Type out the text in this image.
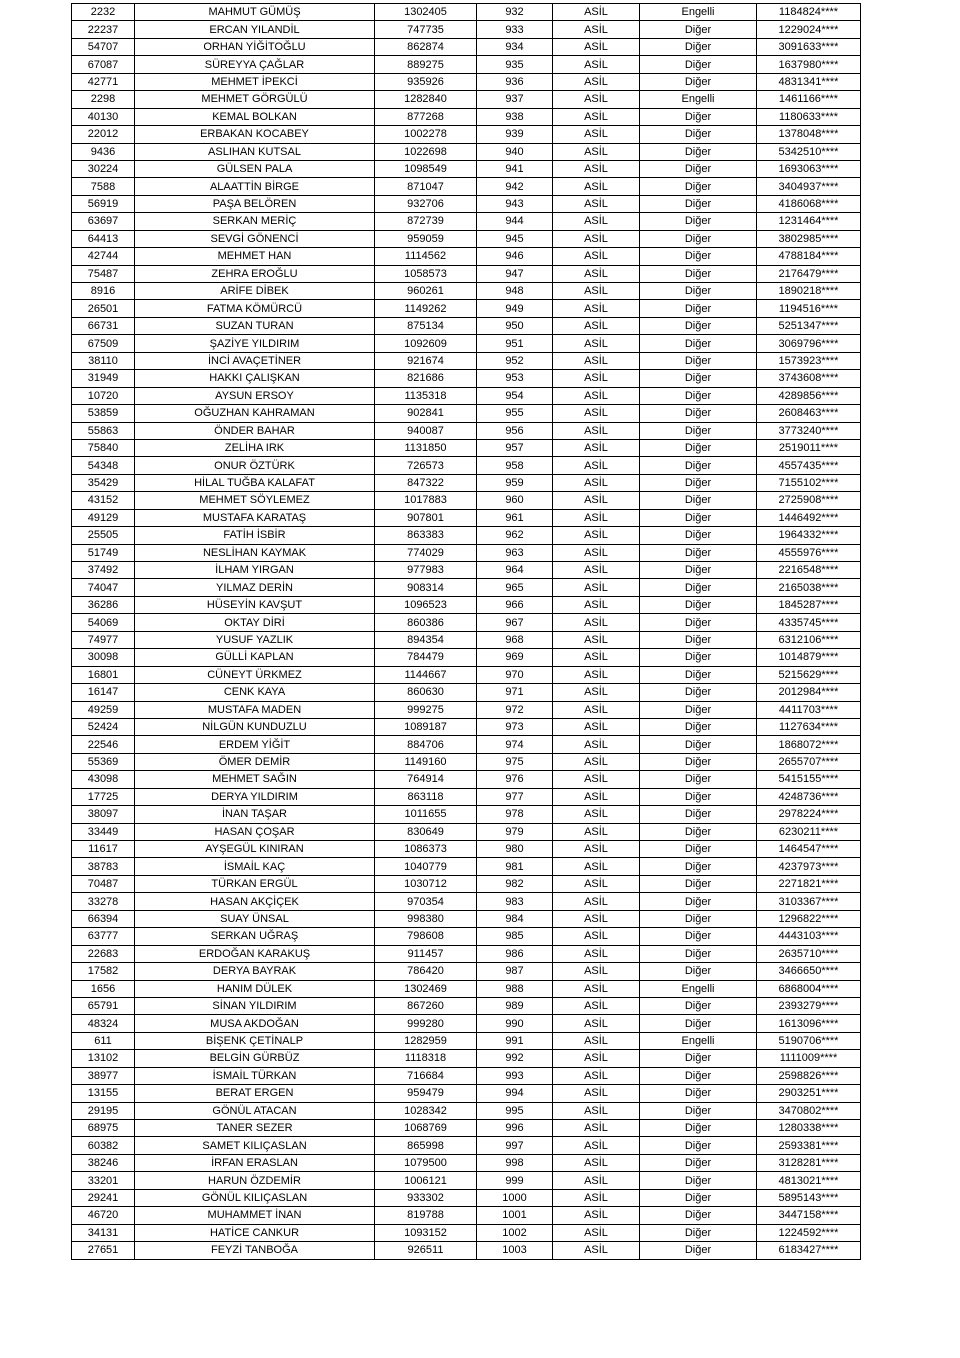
2232	MAHMUT GÜMÜŞ	1302405	932	ASİL	Engelli	1184824****
22237	ERCAN YILANDİL	747735	933	ASİL	Diğer	1229024****
54707	ORHAN YİĞİTOĞLU	862874	934	ASİL	Diğer	3091633****
67087	SÜREYYA ÇAĞLAR	889275	935	ASİL	Diğer	1637980****
42771	MEHMET İPEKCİ	935926	936	ASİL	Diğer	4831341****
2298	MEHMET GÖRGÜLÜ	1282840	937	ASİL	Engelli	1461166****
40130	KEMAL BOLKAN	877268	938	ASİL	Diğer	1180633****
22012	ERBAKAN KOCABEY	1002278	939	ASİL	Diğer	1378048****
9436	ASLIHAN KUTSAL	1022698	940	ASİL	Diğer	5342510****
30224	GÜLSEN PALA	1098549	941	ASİL	Diğer	1693063****
7588	ALAATTİN BİRGE	871047	942	ASİL	Diğer	3404937****
56919	PAŞA BELÖREN	932706	943	ASİL	Diğer	4186068****
63697	SERKAN MERİÇ	872739	944	ASİL	Diğer	1231464****
64413	SEVGİ GÖNENCİ	959059	945	ASİL	Diğer	3802985****
42744	MEHMET HAN	1114562	946	ASİL	Diğer	4788184****
75487	ZEHRA EROĞLU	1058573	947	ASİL	Diğer	2176479****
8916	ARİFE DİBEK	960261	948	ASİL	Diğer	1890218****
26501	FATMA KÖMÜRCÜ	1149262	949	ASİL	Diğer	1194516****
66731	SUZAN TURAN	875134	950	ASİL	Diğer	5251347****
67509	ŞAZİYE YILDIRIM	1092609	951	ASİL	Diğer	3069796****
38110	İNCİ AVAÇETİNER	921674	952	ASİL	Diğer	1573923****
31949	HAKKI ÇALIŞKAN	821686	953	ASİL	Diğer	3743608****
10720	AYSUN ERSOY	1135318	954	ASİL	Diğer	4289856****
53859	OĞUZHAN KAHRAMAN	902841	955	ASİL	Diğer	2608463****
55863	ÖNDER BAHAR	940087	956	ASİL	Diğer	3773240****
75840	ZELİHA IRK	1131850	957	ASİL	Diğer	2519011****
54348	ONUR ÖZTÜRK	726573	958	ASİL	Diğer	4557435****
35429	HİLAL TUĞBA KALAFAT	847322	959	ASİL	Diğer	7155102****
43152	MEHMET SÖYLEMEZ	1017883	960	ASİL	Diğer	2725908****
49129	MUSTAFA KARATAŞ	907801	961	ASİL	Diğer	1446492****
25505	FATİH İSBİR	863383	962	ASİL	Diğer	1964332****
51749	NESLİHAN KAYMAK	774029	963	ASİL	Diğer	4555976****
37492	İLHAM YIRGAN	977983	964	ASİL	Diğer	2216548****
74047	YILMAZ DERİN	908314	965	ASİL	Diğer	2165038****
36286	HÜSEYİN KAVŞUT	1096523	966	ASİL	Diğer	1845287****
54069	OKTAY DİRİ	860386	967	ASİL	Diğer	4335745****
74977	YUSUF YAZLIK	894354	968	ASİL	Diğer	6312106****
30098	GÜLLİ KAPLAN	784479	969	ASİL	Diğer	1014879****
16801	CÜNEYT ÜRKMEZ	1144667	970	ASİL	Diğer	5215629****
16147	CENK KAYA	860630	971	ASİL	Diğer	2012984****
49259	MUSTAFA MADEN	999275	972	ASİL	Diğer	4411703****
52424	NİLGÜN KUNDUZLU	1089187	973	ASİL	Diğer	1127634****
22546	ERDEM YİĞİT	884706	974	ASİL	Diğer	1868072****
55369	ÖMER DEMİR	1149160	975	ASİL	Diğer	2655707****
43098	MEHMET SAĞIN	764914	976	ASİL	Diğer	5415155****
17725	DERYA YILDIRIM	863118	977	ASİL	Diğer	4248736****
38097	İNAN TAŞAR	1011655	978	ASİL	Diğer	2978224****
33449	HASAN ÇOŞAR	830649	979	ASİL	Diğer	6230211****
11617	AYŞEGÜL KINIRAN	1086373	980	ASİL	Diğer	1464547****
38783	İSMAİL KAÇ	1040779	981	ASİL	Diğer	4237973****
70487	TÜRKAN ERGÜL	1030712	982	ASİL	Diğer	2271821****
33278	HASAN AKÇİÇEK	970354	983	ASİL	Diğer	3103367****
66394	SUAY ÜNSAL	998380	984	ASİL	Diğer	1296822****
63777	SERKAN UĞRAŞ	798608	985	ASİL	Diğer	4443103****
22683	ERDOĞAN KARAKUŞ	911457	986	ASİL	Diğer	2635710****
17582	DERYA BAYRAK	786420	987	ASİL	Diğer	3466650****
1656	HANIM DÜLEK	1302469	988	ASİL	Engelli	6868004****
65791	SİNAN YILDIRIM	867260	989	ASİL	Diğer	2393279****
48324	MUSA AKDOĞAN	999280	990	ASİL	Diğer	1613096****
611	BİŞENK ÇETİNALP	1282959	991	ASİL	Engelli	5190706****
13102	BELGİN GÜRBÜZ	1118318	992	ASİL	Diğer	1111009****
38977	İSMAİL TÜRKAN	716684	993	ASİL	Diğer	2598826****
13155	BERAT ERGEN	959479	994	ASİL	Diğer	2903251****
29195	GÖNÜL ATACAN	1028342	995	ASİL	Diğer	3470802****
68975	TANER SEZER	1068769	996	ASİL	Diğer	1280338****
60382	SAMET KILIÇASLAN	865998	997	ASİL	Diğer	2593381****
38246	İRFAN ERASLAN	1079500	998	ASİL	Diğer	3128281****
33201	HARUN ÖZDEMİR	1006121	999	ASİL	Diğer	4813021****
29241	GÖNÜL KILIÇASLAN	933302	1000	ASİL	Diğer	5895143****
46720	MUHAMMET İNAN	819788	1001	ASİL	Diğer	3447158****
34131	HATİCE CANKUR	1093152	1002	ASİL	Diğer	1224592****
27651	FEYZİ TANBOĞA	926511	1003	ASİL	Diğer	6183427****
